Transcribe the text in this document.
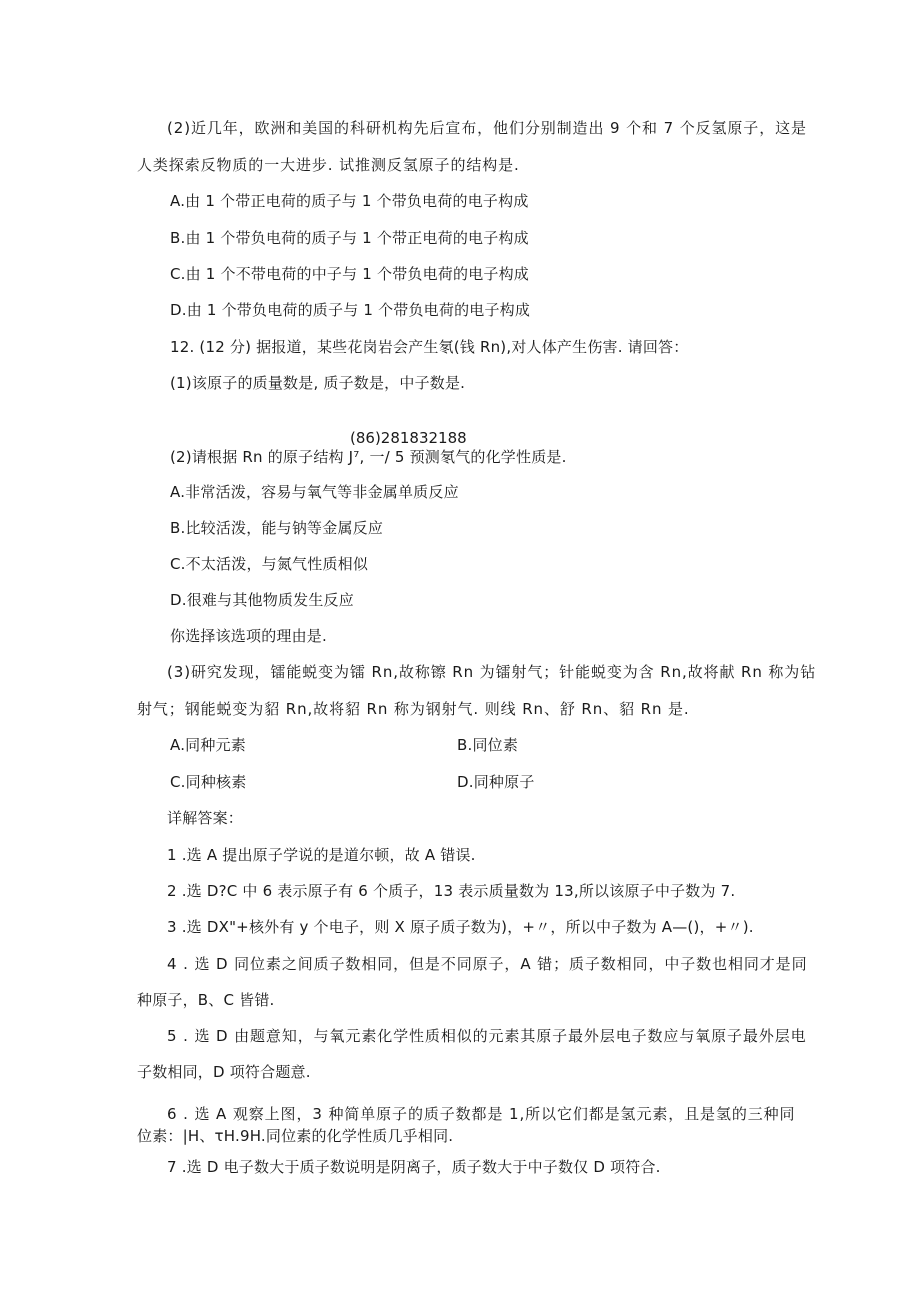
(2)近几年，欧洲和美国的科研机构先后宣布，他们分别制造出 9 个和 7 个反氢原子，这是
人类探索反物质的一大进步. 试推测反氢原子的结构是.
A.由 1 个带正电荷的质子与 1 个带负电荷的电子构成
B.由 1 个带负电荷的质子与 1 个带正电荷的电子构成
C.由 1 个不带电荷的中子与 1 个带负电荷的电子构成
D.由 1 个带负电荷的质子与 1 个带负电荷的电子构成
12. (12 分) 据报道，某些花岗岩会产生氡(钱 Rn),对人体产生伤害. 请回答：
(1)该原子的质量数是, 质子数是，中子数是.
(86)281832188
(2)请根据 Rn 的原子结构 J⁷, 一/ 5 预测氡气的化学性质是.
A.非常活泼，容易与氧气等非金属单质反应
B.比较活泼，能与钠等金属反应
C.不太活泼，与氮气性质相似
D.很难与其他物质发生反应
你选择该选项的理由是.
(3)研究发现，镭能蜕变为镭 Rn,故称镲 Rn 为镭射气；针能蜕变为含 Rn,故将献 Rn 称为钻
射气；钢能蜕变为貂 Rn,故将貂 Rn 称为钢射气. 则线 Rn、舒 Rn、貂 Rn 是.
A.同种元素	B.同位素
C.同种核素	D.同种原子
详解答案：
1 .选 A 提出原子学说的是道尔顿，故 A 错误.
2 .选 D?C 中 6 表示原子有 6 个质子，13 表示质量数为 13,所以该原子中子数为 7.
3 .选 DX"+核外有 y 个电子，则 X 原子质子数为)，+〃，所以中子数为 A—()，+〃).
4 . 选 D 同位素之间质子数相同，但是不同原子，A 错；质子数相同，中子数也相同才是同
种原子，B、C 皆错.
5 . 选 D 由题意知，与氧元素化学性质相似的元素其原子最外层电子数应与氧原子最外层电
子数相同，D 项符合题意.
6 . 选 A 观察上图，3 种简单原子的质子数都是 1,所以它们都是氢元素，且是氢的三种同
位素：|H、τH.9H.同位素的化学性质几乎相同.
7 .选 D 电子数大于质子数说明是阴离子，质子数大于中子数仅 D 项符合.
